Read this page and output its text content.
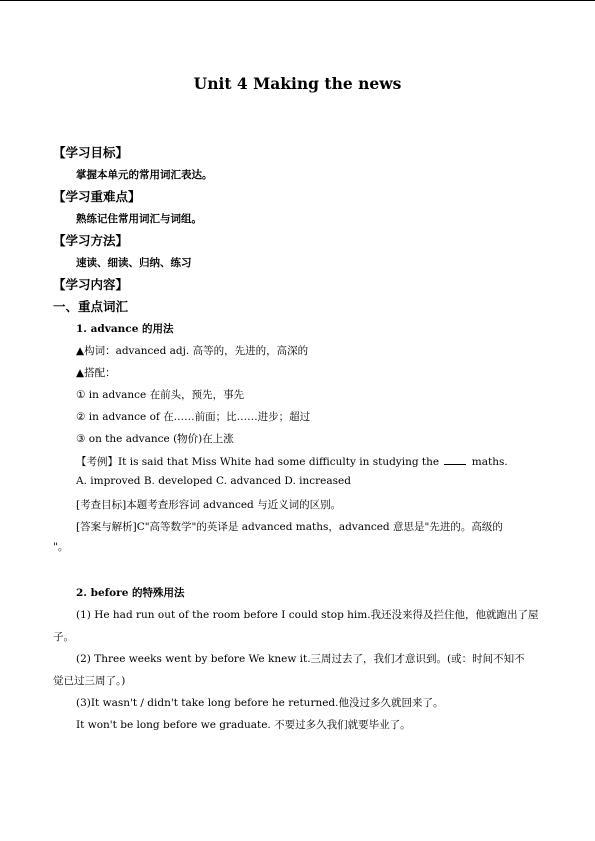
Unit 4 Making the news
【学习目标】
掌握本单元的常用词汇表达。
【学习重难点】
熟练记住常用词汇与词组。
【学习方法】
速读、细读、归纳、练习
【学习内容】
一、重点词汇
1. advance 的用法
▲构词：advanced adj. 高等的，先进的，高深的
▲搭配：
① in advance 在前头，预先，事先
② in advance of 在……前面；比……进步；超过
③ on the advance (物价)在上涨
【考例】It is said that Miss White had some difficulty in studying the  maths.
A. improved B. developed C. advanced D. increased
[考查目标]本题考查形容词 advanced 与近义词的区别。
[答案与解析]C"高等数学"的英译是 advanced maths，advanced 意思是"先进的。高级的
"。
2. before 的特殊用法
(1) He had run out of the room before I could stop him.我还没来得及拦住他，他就跑出了屋
子。
(2) Three weeks went by before We knew it.三周过去了，我们才意识到。(或：时间不知不
觉已过三周了。)
(3)It wasn't / didn't take long before he returned.他没过多久就回来了。
It won't be long before we graduate. 不要过多久我们就要毕业了。
